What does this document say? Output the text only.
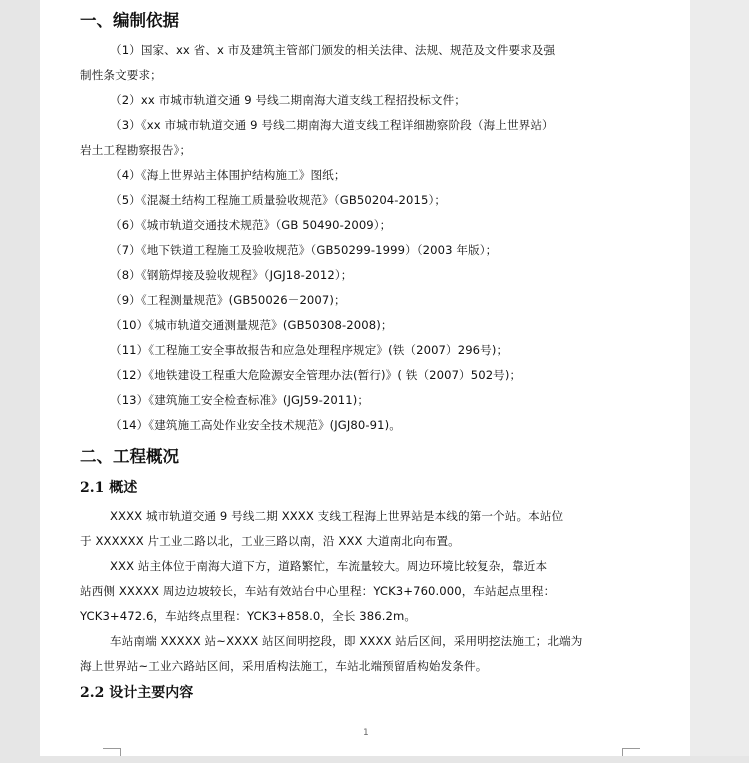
一、编制依据

（1）国家、xx 省、x 市及建筑主管部门颁发的相关法律、法规、规范及文件要求及强

制性条文要求；

（2）xx 市城市轨道交通 9 号线二期南海大道支线工程招投标文件；

（3）《xx 市城市轨道交通 9 号线二期南海大道支线工程详细勘察阶段（海上世界站）

岩土工程勘察报告》；

（4）《海上世界站主体围护结构施工》图纸；

（5）《混凝土结构工程施工质量验收规范》（GB50204-2015）；

（6）《城市轨道交通技术规范》（GB 50490-2009）；

（7）《地下铁道工程施工及验收规范》（GB50299-1999）（2003 年版）；

（8）《钢筋焊接及验收规程》（JGJ18-2012）；

（9）《工程测量规范》(GB50026－2007)；

（10）《城市轨道交通测量规范》(GB50308-2008)；

（11）《工程施工安全事故报告和应急处理程序规定》(铁（2007）296号)；

（12）《地铁建设工程重大危险源安全管理办法(暂行)》( 铁（2007）502号)；

（13）《建筑施工安全检查标准》(JGJ59-2011)；

（14）《建筑施工高处作业安全技术规范》(JGJ80-91)。

二、工程概况
2.1 概述

XXXX 城市轨道交通 9 号线二期 XXXX 支线工程海上世界站是本线的第一个站。本站位

于 XXXXXX 片工业二路以北，工业三路以南，沿 XXX 大道南北向布置。

XXX 站主体位于南海大道下方，道路繁忙，车流量较大。周边环境比较复杂，靠近本

站西侧 XXXXX 周边边坡较长，车站有效站台中心里程：YCK3+760.000，车站起点里程：

YCK3+472.6，车站终点里程：YCK3+858.0，全长 386.2m。

车站南端 XXXXX 站~XXXX 站区间明挖段，即 XXXX 站后区间，采用明挖法施工；北端为

海上世界站~工业六路站区间，采用盾构法施工，车站北端预留盾构始发条件。

2.2 设计主要内容
1
